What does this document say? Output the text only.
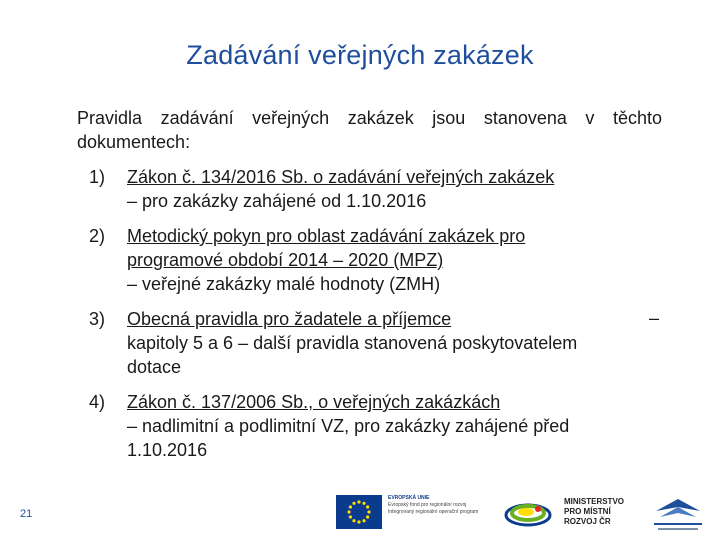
Zadávání veřejných zakázek
Pravidla zadávání veřejných zakázek jsou stanovena v těchto dokumentech:
1) Zákon č. 134/2016 Sb. o zadávání veřejných zakázek
– pro zakázky zahájené od 1.10.2016
2) Metodický pokyn pro oblast zadávání zakázek pro
programové období 2014 – 2020 (MPZ)
– veřejné zakázky malé hodnoty (ZMH)
3) Obecná pravidla pro žadatele a příjemce
kapitoly 5 a 6 – další pravidla stanovená poskytovatelem
dotace
–
4) Zákon č. 137/2006 Sb., o veřejných zakázkách
– nadlimitní a podlimitní VZ, pro zakázky zahájené před
1.10.2016
21
EVROPSKÁ UNIE
Evropský fond pro regionální rozvoj
Integrovaný regionální operační program
MINISTERSTVO
PRO MÍSTNÍ
ROZVOJ ČR
